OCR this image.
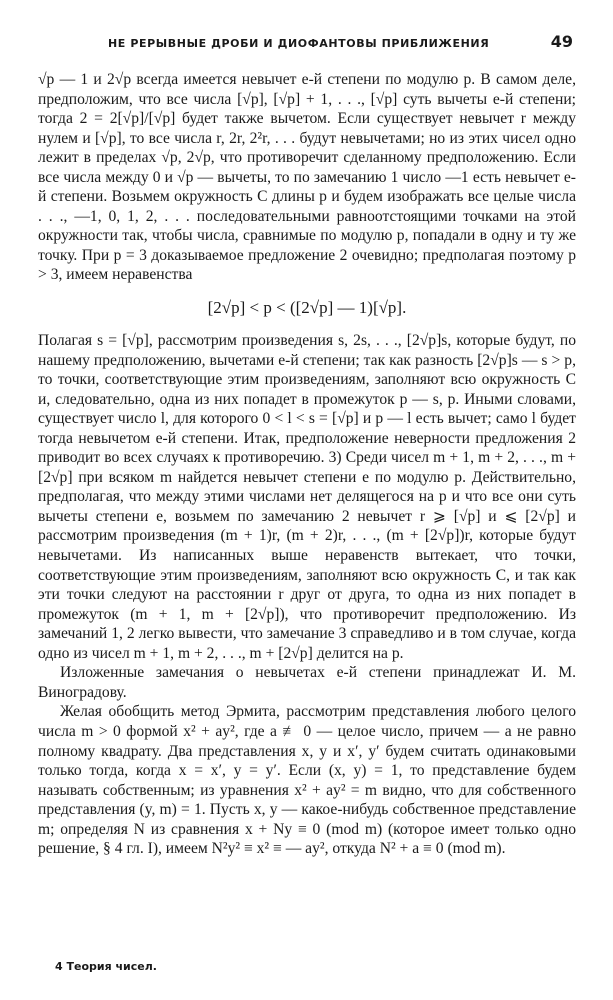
НЕ РЕРЫВНЫЕ ДРОБИ И ДИОФАНТОВЫ ПРИБЛИЖЕНИЯ	49

√p — 1 и 2√p всегда имеется невычет e-й степени по модулю p. В самом деле, предположим, что все числа [√p], [√p] + 1, . . ., [√p] суть вычеты e-й степени; тогда 2 = 2[√p]/[√p] будет также вычетом. Если существует невычет r между нулем и [√p], то все числа r, 2r, 2²r, . . . будут невычетами; но из этих чисел одно лежит в пределах √p, 2√p, что противоречит сделанному предположению. Если все числа между 0 и √p — вычеты, то по замечанию 1 число —1 есть невычет e-й степени. Возьмем окружность C длины p и будем изображать все целые числа . . ., —1, 0, 1, 2, . . . последовательными равноотстоящими точками на этой окружности так, чтобы числа, сравнимые по модулю p, попадали в одну и ту же точку. При p = 3 доказываемое предложение 2 очевидно; предполагая поэтому p > 3, имеем неравенства

[2√p] < p < ([2√p] — 1)[√p].

Полагая s = [√p], рассмотрим произведения s, 2s, . . ., [2√p]s, которые будут, по нашему предположению, вычетами e-й степени; так как разность [2√p]s — s > p, то точки, соответствующие этим произведениям, заполняют всю окружность C и, следовательно, одна из них попадет в промежуток p — s, p. Иными словами, существует число l, для которого 0 < l < s = [√p] и p — l есть вычет; само l будет тогда невычетом e-й степени. Итак, предположение неверности предложения 2 приводит во всех случаях к противоречию. 3) Среди чисел m + 1, m + 2, . . ., m + [2√p] при всяком m найдется невычет степени e по модулю p. Действительно, предполагая, что между этими числами нет делящегося на p и что все они суть вычеты степени e, возьмем по замечанию 2 невычет r ⩾ [√p] и ⩽ [2√p] и рассмотрим произведения (m + 1)r, (m + 2)r, . . ., (m + [2√p])r, которые будут невычетами. Из написанных выше неравенств вытекает, что точки, соответствующие этим произведениям, заполняют всю окружность C, и так как эти точки следуют на расстоянии r друг от друга, то одна из них попадет в промежуток (m + 1, m + [2√p]), что противоречит предположению. Из замечаний 1, 2 легко вывести, что замечание 3 справедливо и в том случае, когда одно из чисел m + 1, m + 2, . . ., m + [2√p] делится на p.

Изложенные замечания о невычетах e-й степени принадлежат И. М. Виноградову.

Желая обобщить метод Эрмита, рассмотрим представления любого целого числа m > 0 формой x² + ay², где a ≢ 0 — целое число, причем — a не равно полному квадрату. Два представления x, y и x′, y′ будем считать одинаковыми только тогда, когда x = x′, y = y′. Если (x, y) = 1, то представление будем называть собственным; из уравнения x² + ay² = m видно, что для собственного представления (y, m) = 1. Пусть x, y — какое-нибудь собственное представление m; определяя N из сравнения x + Ny ≡ 0 (mod m) (которое имеет только одно решение, § 4 гл. I), имеем N²y² ≡ x² ≡ — ay², откуда N² + a ≡ 0 (mod m).

4 Теория чисел.
